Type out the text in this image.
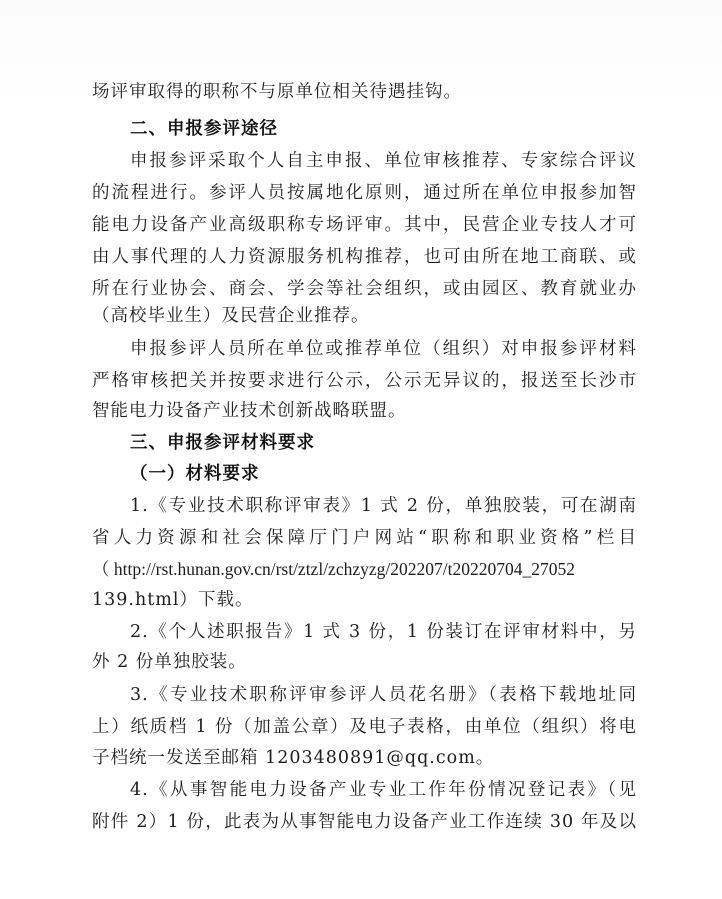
场评审取得的职称不与原单位相关待遇挂钩。
二、申报参评途径
申报参评采取个人自主申报、单位审核推荐、专家综合评议
的流程进行。参评人员按属地化原则，通过所在单位申报参加智
能电力设备产业高级职称专场评审。其中，民营企业专技人才可
由人事代理的人力资源服务机构推荐，也可由所在地工商联、或
所在行业协会、商会、学会等社会组织，或由园区、教育就业办
（高校毕业生）及民营企业推荐。
申报参评人员所在单位或推荐单位（组织）对申报参评材料
严格审核把关并按要求进行公示，公示无异议的，报送至长沙市
智能电力设备产业技术创新战略联盟。
三、申报参评材料要求
（一）材料要求
1.《专业技术职称评审表》1 式 2 份，单独胶装，可在湖南
省人力资源和社会保障厅门户网站“职称和职业资格”栏目
（ http://rst.hunan.gov.cn/rst/ztzl/zchzyzg/202207/t20220704_27052
139.html）下载。
2.《个人述职报告》1 式 3 份，1 份装订在评审材料中，另
外 2 份单独胶装。
3.《专业技术职称评审参评人员花名册》（表格下载地址同
上）纸质档 1 份（加盖公章）及电子表格，由单位（组织）将电
子档统一发送至邮箱 1203480891@qq.com。
4.《从事智能电力设备产业专业工作年份情况登记表》（见
附件 2）1 份，此表为从事智能电力设备产业工作连续 30 年及以
